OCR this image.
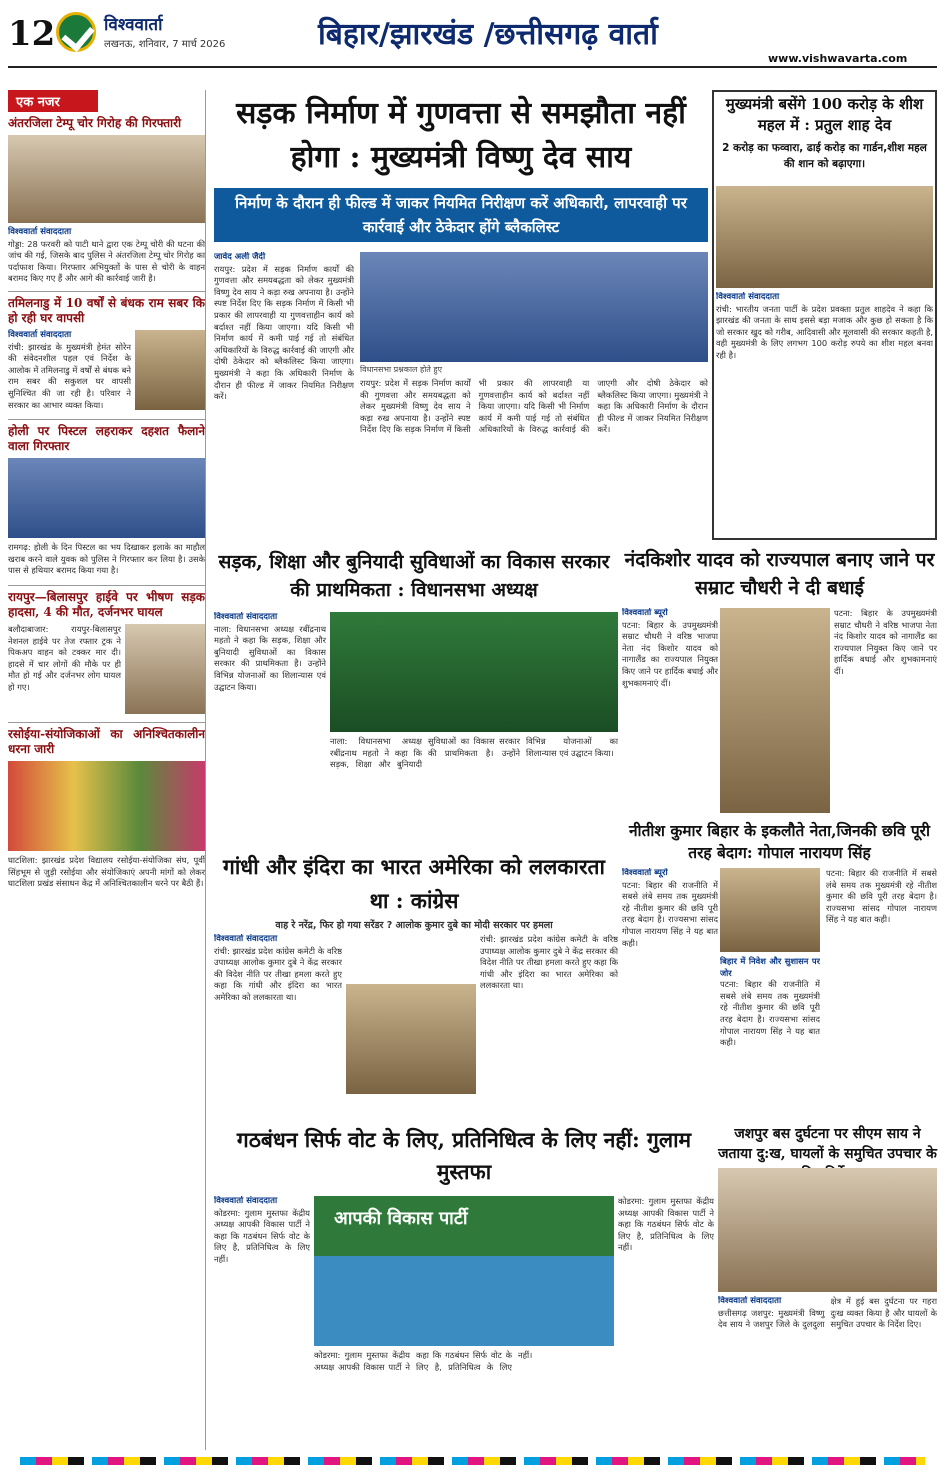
12	विश्ववार्ता
लखनऊ, शनिवार, 7 मार्च 2026	बिहार/झारखंड /छत्तीसगढ़ वार्ता
www.vishwavarta.com
एक नजर
अंतरजिला टेम्पू चोर गिरोह की गिरफ्तारी
विश्ववार्ता संवाददाता
गोड्डा: 28 फरवरी को पाटी थाने द्वारा एक टेम्पू चोरी की घटना की जांच की गई, जिसके बाद पुलिस ने अंतरजिला टेम्पू चोर गिरोह का पर्दाफाश किया। गिरफ्तार अभियुक्तों के पास से चोरी के वाहन बरामद किए गए हैं और आगे की कार्रवाई जारी है।
तमिलनाडु में 10 वर्षों से बंधक राम सबर कि हो रही घर वापसी
विश्ववार्ता संवाददाता
रांची: झारखंड के मुख्यमंत्री हेमंत सोरेन की संवेदनशील पहल एवं निर्देश के आलोक में तमिलनाडु में वर्षों से बंधक बने राम सबर की सकुशल घर वापसी सुनिश्चित की जा रही है। परिवार ने सरकार का आभार व्यक्त किया।
होली पर पिस्टल लहराकर दहशत फैलाने वाला गिरफ्तार
रामगढ़: होली के दिन पिस्टल का भय दिखाकर इलाके का माहौल खराब करने वाले युवक को पुलिस ने गिरफ्तार कर लिया है। उसके पास से हथियार बरामद किया गया है।
रायपुर—बिलासपुर हाईवे पर भीषण सड़क हादसा, 4 की मौत, दर्जनभर घायल
बलौदाबाजार: रायपुर-बिलासपुर नेशनल हाईवे पर तेज रफ्तार ट्रक ने पिकअप वाहन को टक्कर मार दी। हादसे में चार लोगों की मौके पर ही मौत हो गई और दर्जनभर लोग घायल हो गए।
रसोईया-संयोजिकाओं का अनिश्चितकालीन धरना जारी
घाटशिला: झारखंड प्रदेश विद्यालय रसोईया-संयोजिका संघ, पूर्वी सिंहभूम से जुड़ी रसोईया और संयोजिकाएं अपनी मांगों को लेकर घाटशिला प्रखंड संसाधन केंद्र में अनिश्चितकालीन धरने पर बैठी हैं।
सड़क निर्माण में गुणवत्ता से समझौता नहीं होगा : मुख्यमंत्री विष्णु देव साय
निर्माण के दौरान ही फील्ड में जाकर नियमित निरीक्षण करें अधिकारी, लापरवाही पर कार्रवाई और ठेकेदार होंगे ब्लैकलिस्ट
जावेद अली जैदी
रायपुर: प्रदेश में सड़क निर्माण कार्यों की गुणवत्ता और समयबद्धता को लेकर मुख्यमंत्री विष्णु देव साय ने कड़ा रुख अपनाया है। उन्होंने स्पष्ट निर्देश दिए कि सड़क निर्माण में किसी भी प्रकार की लापरवाही या गुणवत्ताहीन कार्य को बर्दाश्त नहीं किया जाएगा। यदि किसी भी निर्माण कार्य में कमी पाई गई तो संबंधित अधिकारियों के विरुद्ध कार्रवाई की जाएगी और दोषी ठेकेदार को ब्लैकलिस्ट किया जाएगा। मुख्यमंत्री ने कहा कि अधिकारी निर्माण के दौरान ही फील्ड में जाकर नियमित निरीक्षण करें।
विधानसभा प्रश्नकाल होते हुए
रायपुर: प्रदेश में सड़क निर्माण कार्यों की गुणवत्ता और समयबद्धता को लेकर मुख्यमंत्री विष्णु देव साय ने कड़ा रुख अपनाया है। उन्होंने स्पष्ट निर्देश दिए कि सड़क निर्माण में किसी भी प्रकार की लापरवाही या गुणवत्ताहीन कार्य को बर्दाश्त नहीं किया जाएगा। यदि किसी भी निर्माण कार्य में कमी पाई गई तो संबंधित अधिकारियों के विरुद्ध कार्रवाई की जाएगी और दोषी ठेकेदार को ब्लैकलिस्ट किया जाएगा। मुख्यमंत्री ने कहा कि अधिकारी निर्माण के दौरान ही फील्ड में जाकर नियमित निरीक्षण करें।
मुख्यमंत्री बसेंगे 100 करोड़ के शीश महल में : प्रतुल शाह देव
2 करोड़ का फव्वारा, ढाई करोड़ का गार्डन,शीश महल की शान को बढ़ाएगा।
विश्ववार्ता संवाददाता
रांची: भारतीय जनता पार्टी के प्रदेश प्रवक्ता प्रतुल शाहदेव ने कहा कि झारखंड की जनता के साथ इससे बड़ा मजाक और कुछ हो सकता है कि जो सरकार खुद को गरीब, आदिवासी और मूलवासी की सरकार कहती है, वही मुख्यमंत्री के लिए लगभग 100 करोड़ रुपये का शीश महल बनवा रही है।
सड़क, शिक्षा और बुनियादी सुविधाओं का विकास सरकार की प्राथमिकता : विधानसभा अध्यक्ष
विश्ववार्ता संवाददाता
नाला: विधानसभा अध्यक्ष रबींद्रनाथ महतो ने कहा कि सड़क, शिक्षा और बुनियादी सुविधाओं का विकास सरकार की प्राथमिकता है। उन्होंने विभिन्न योजनाओं का शिलान्यास एवं उद्घाटन किया।
नाला: विधानसभा अध्यक्ष रबींद्रनाथ महतो ने कहा कि सड़क, शिक्षा और बुनियादी सुविधाओं का विकास सरकार की प्राथमिकता है। उन्होंने विभिन्न योजनाओं का शिलान्यास एवं उद्घाटन किया।
नंदकिशोर यादव को राज्यपाल बनाए जाने पर सम्राट चौधरी ने दी बधाई
विश्ववार्ता ब्यूरो
पटना: बिहार के उपमुख्यमंत्री सम्राट चौधरी ने वरिष्ठ भाजपा नेता नंद किशोर यादव को नागालैंड का राज्यपाल नियुक्त किए जाने पर हार्दिक बधाई और शुभकामनाएं दीं।
पटना: बिहार के उपमुख्यमंत्री सम्राट चौधरी ने वरिष्ठ भाजपा नेता नंद किशोर यादव को नागालैंड का राज्यपाल नियुक्त किए जाने पर हार्दिक बधाई और शुभकामनाएं दीं।
गांधी और इंदिरा का भारत अमेरिका को ललकारता था : कांग्रेस
वाह रे नरेंद्र, फिर हो गया सरेंडर ? आलोक कुमार दुबे का मोदी सरकार पर हमला
विश्ववार्ता संवाददाता
रांची: झारखंड प्रदेश कांग्रेस कमेटी के वरिष्ठ उपाध्यक्ष आलोक कुमार दुबे ने केंद्र सरकार की विदेश नीति पर तीखा हमला करते हुए कहा कि गांधी और इंदिरा का भारत अमेरिका को ललकारता था।
रांची: झारखंड प्रदेश कांग्रेस कमेटी के वरिष्ठ उपाध्यक्ष आलोक कुमार दुबे ने केंद्र सरकार की विदेश नीति पर तीखा हमला करते हुए कहा कि गांधी और इंदिरा का भारत अमेरिका को ललकारता था।
नीतीश कुमार बिहार के इकलौते नेता,जिनकी छवि पूरी तरह बेदाग: गोपाल नारायण सिंह
विश्ववार्ता ब्यूरो
पटना: बिहार की राजनीति में सबसे लंबे समय तक मुख्यमंत्री रहे नीतीश कुमार की छवि पूरी तरह बेदाग है। राज्यसभा सांसद गोपाल नारायण सिंह ने यह बात कही।
बिहार में निवेश और सुशासन पर जोर
पटना: बिहार की राजनीति में सबसे लंबे समय तक मुख्यमंत्री रहे नीतीश कुमार की छवि पूरी तरह बेदाग है। राज्यसभा सांसद गोपाल नारायण सिंह ने यह बात कही।
पटना: बिहार की राजनीति में सबसे लंबे समय तक मुख्यमंत्री रहे नीतीश कुमार की छवि पूरी तरह बेदाग है। राज्यसभा सांसद गोपाल नारायण सिंह ने यह बात कही।
गठबंधन सिर्फ वोट के लिए, प्रतिनिधित्व के लिए नहीं: गुलाम मुस्तफा
विश्ववार्ता संवाददाता
कोडरमा: गुलाम मुस्तफा केंद्रीय अध्यक्ष आपकी विकास पार्टी ने कहा कि गठबंधन सिर्फ वोट के लिए है, प्रतिनिधित्व के लिए नहीं।
आपकी विकास पार्टी
कोडरमा: गुलाम मुस्तफा केंद्रीय अध्यक्ष आपकी विकास पार्टी ने कहा कि गठबंधन सिर्फ वोट के लिए है, प्रतिनिधित्व के लिए नहीं।
कोडरमा: गुलाम मुस्तफा केंद्रीय अध्यक्ष आपकी विकास पार्टी ने कहा कि गठबंधन सिर्फ वोट के लिए है, प्रतिनिधित्व के लिए नहीं।
जशपुर बस दुर्घटना पर सीएम साय ने जताया दु:ख, घायलों के समुचित उपचार के
विश्ववार्ता संवाददाता
छत्तीसगढ़ जशपुर: मुख्यमंत्री विष्णु देव साय ने जशपुर जिले के दुलदुला क्षेत्र में हुई बस दुर्घटना पर गहरा दुःख व्यक्त किया है और घायलों के समुचित उपचार के निर्देश दिए।
